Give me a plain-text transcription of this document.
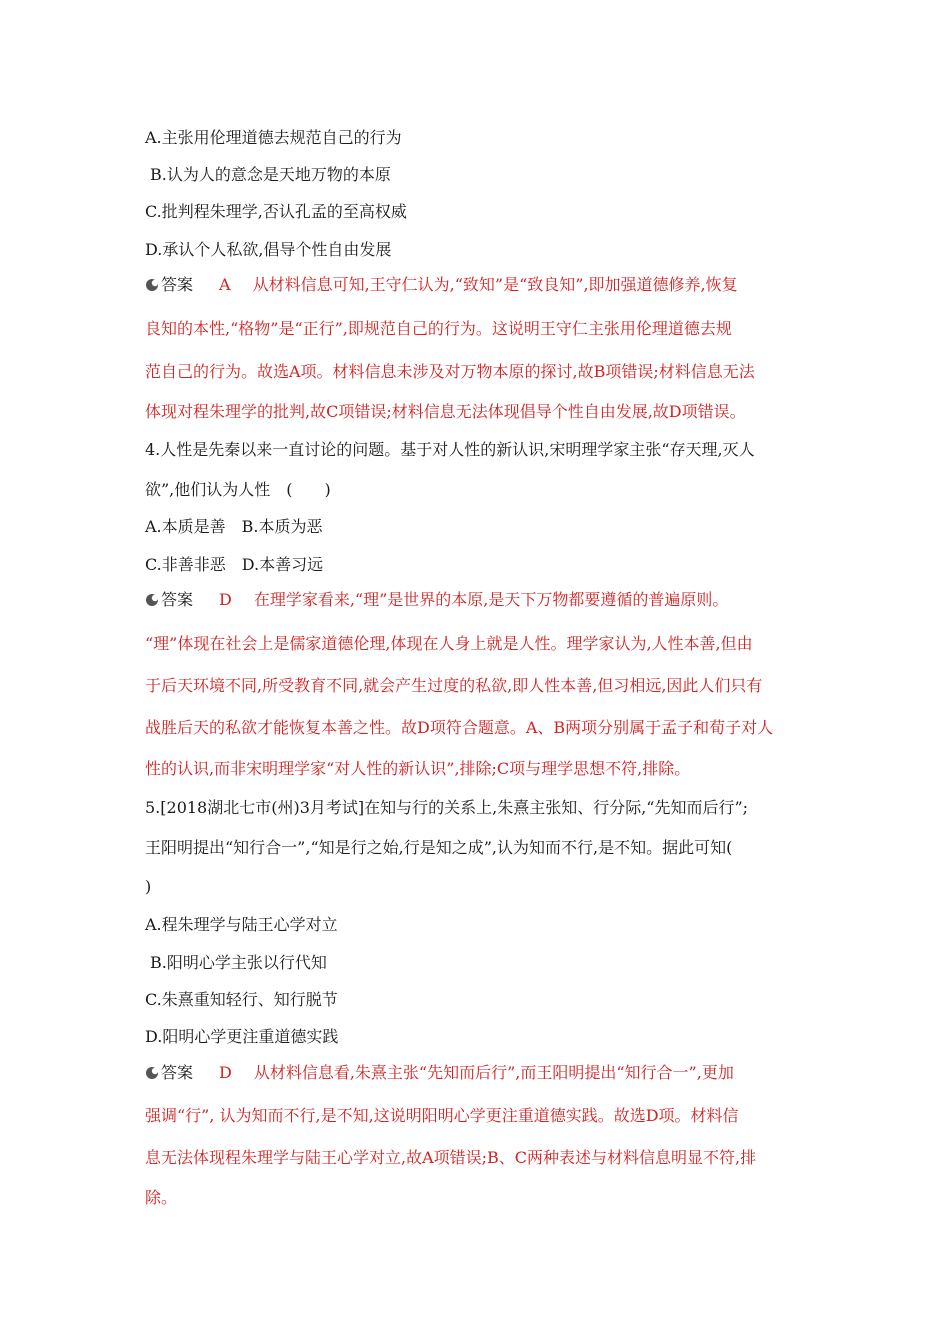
A.主张用伦理道德去规范自己的行为
B.认为人的意念是天地万物的本原
C.批判程朱理学,否认孔孟的至高权威
D.承认个人私欲,倡导个性自由发展
答案 A 从材料信息可知,王守仁认为,“致知”是“致良知”,即加强道德修养,恢复
良知的本性,“格物”是“正行”,即规范自己的行为。这说明王守仁主张用伦理道德去规
范自己的行为。故选A项。材料信息未涉及对万物本原的探讨,故B项错误;材料信息无法
体现对程朱理学的批判,故C项错误;材料信息无法体现倡导个性自由发展,故D项错误。
4.人性是先秦以来一直讨论的问题。基于对人性的新认识,宋明理学家主张“存天理,灭人
欲”,他们认为人性　(　　)
A.本质是善　B.本质为恶
C.非善非恶　D.本善习远
答案 D 在理学家看来,“理”是世界的本原,是天下万物都要遵循的普遍原则。
“理”体现在社会上是儒家道德伦理,体现在人身上就是人性。理学家认为,人性本善,但由
于后天环境不同,所受教育不同,就会产生过度的私欲,即人性本善,但习相远,因此人们只有
战胜后天的私欲才能恢复本善之性。故D项符合题意。A、B两项分别属于孟子和荀子对人
性的认识,而非宋明理学家“对人性的新认识”,排除;C项与理学思想不符,排除。
5.[2018湖北七市(州)3月考试]在知与行的关系上,朱熹主张知、行分际,“先知而后行”;
王阳明提出“知行合一”,“知是行之始,行是知之成”,认为知而不行,是不知。据此可知(
)
A.程朱理学与陆王心学对立
B.阳明心学主张以行代知
C.朱熹重知轻行、知行脱节
D.阳明心学更注重道德实践
答案 D 从材料信息看,朱熹主张“先知而后行”,而王阳明提出“知行合一”,更加
强调“行”, 认为知而不行,是不知,这说明阳明心学更注重道德实践。故选D项。材料信
息无法体现程朱理学与陆王心学对立,故A项错误;B、C两种表述与材料信息明显不符,排
除。
